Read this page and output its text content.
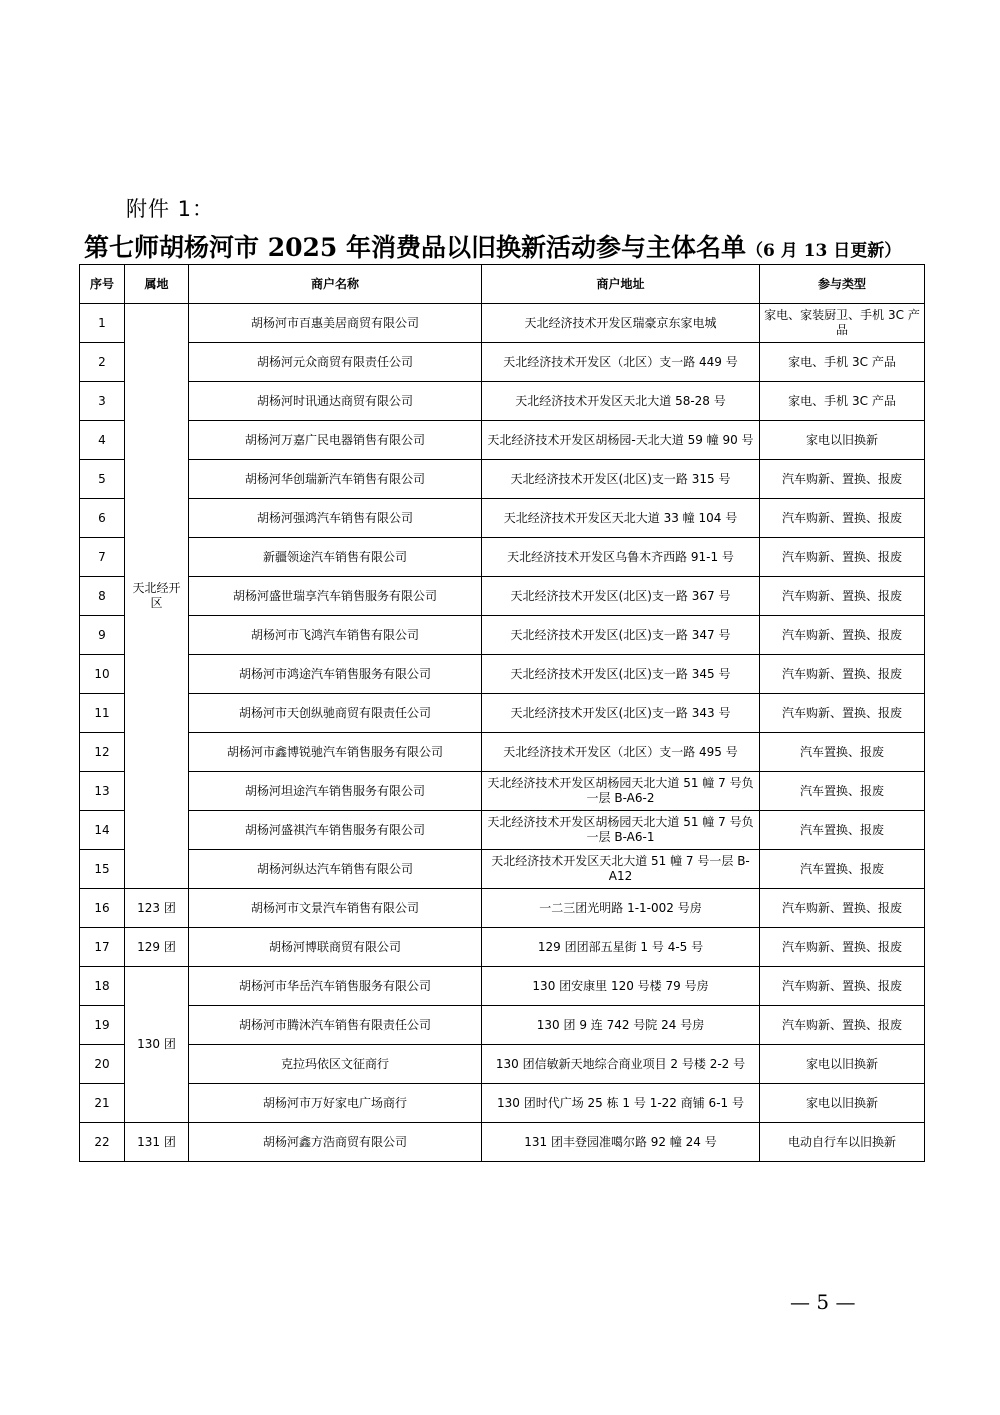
附件 1：
第七师胡杨河市 2025 年消费品以旧换新活动参与主体名单（6 月 13 日更新）
序号	属地	商户名称	商户地址	参与类型
1	天北经开区	胡杨河市百惠美居商贸有限公司	天北经济技术开发区瑞豪京东家电城	家电、家装厨卫、手机 3C 产品
2		胡杨河元众商贸有限责任公司	天北经济技术开发区（北区）支一路 449 号	家电、手机 3C 产品
3		胡杨河时讯通达商贸有限公司	天北经济技术开发区天北大道 58-28 号	家电、手机 3C 产品
4		胡杨河万嘉广民电器销售有限公司	天北经济技术开发区胡杨园-天北大道 59 幢 90 号	家电以旧换新
5		胡杨河华创瑞新汽车销售有限公司	天北经济技术开发区(北区)支一路 315 号	汽车购新、置换、报废
6		胡杨河强鸿汽车销售有限公司	天北经济技术开发区天北大道 33 幢 104 号	汽车购新、置换、报废
7		新疆领途汽车销售有限公司	天北经济技术开发区乌鲁木齐西路 91-1 号	汽车购新、置换、报废
8		胡杨河盛世瑞享汽车销售服务有限公司	天北经济技术开发区(北区)支一路 367 号	汽车购新、置换、报废
9		胡杨河市飞鸿汽车销售有限公司	天北经济技术开发区(北区)支一路 347 号	汽车购新、置换、报废
10		胡杨河市鸿途汽车销售服务有限公司	天北经济技术开发区(北区)支一路 345 号	汽车购新、置换、报废
11		胡杨河市天创纵驰商贸有限责任公司	天北经济技术开发区(北区)支一路 343 号	汽车购新、置换、报废
12		胡杨河市鑫博锐驰汽车销售服务有限公司	天北经济技术开发区（北区）支一路 495 号	汽车置换、报废
13		胡杨河坦途汽车销售服务有限公司	天北经济技术开发区胡杨园天北大道 51 幢 7 号负一层 B-A6-2	汽车置换、报废
14		胡杨河盛祺汽车销售服务有限公司	天北经济技术开发区胡杨园天北大道 51 幢 7 号负一层 B-A6-1	汽车置换、报废
15		胡杨河纵达汽车销售有限公司	天北经济技术开发区天北大道 51 幢 7 号一层 B-A12	汽车置换、报废
16	123 团	胡杨河市文景汽车销售有限公司	一二三团光明路 1-1-002 号房	汽车购新、置换、报废
17	129 团	胡杨河博联商贸有限公司	129 团团部五星街 1 号 4-5 号	汽车购新、置换、报废
18	130 团	胡杨河市华岳汽车销售服务有限公司	130 团安康里 120 号楼 79 号房	汽车购新、置换、报废
19		胡杨河市腾沐汽车销售有限责任公司	130 团 9 连 742 号院 24 号房	汽车购新、置换、报废
20		克拉玛依区文征商行	130 团信敏新天地综合商业项目 2 号楼 2-2 号	家电以旧换新
21		胡杨河市万好家电广场商行	130 团时代广场 25 栋 1 号 1-22 商铺 6-1 号	家电以旧换新
22	131 团	胡杨河鑫方浩商贸有限公司	131 团丰登园准噶尔路 92 幢 24 号	电动自行车以旧换新
— 5 —
